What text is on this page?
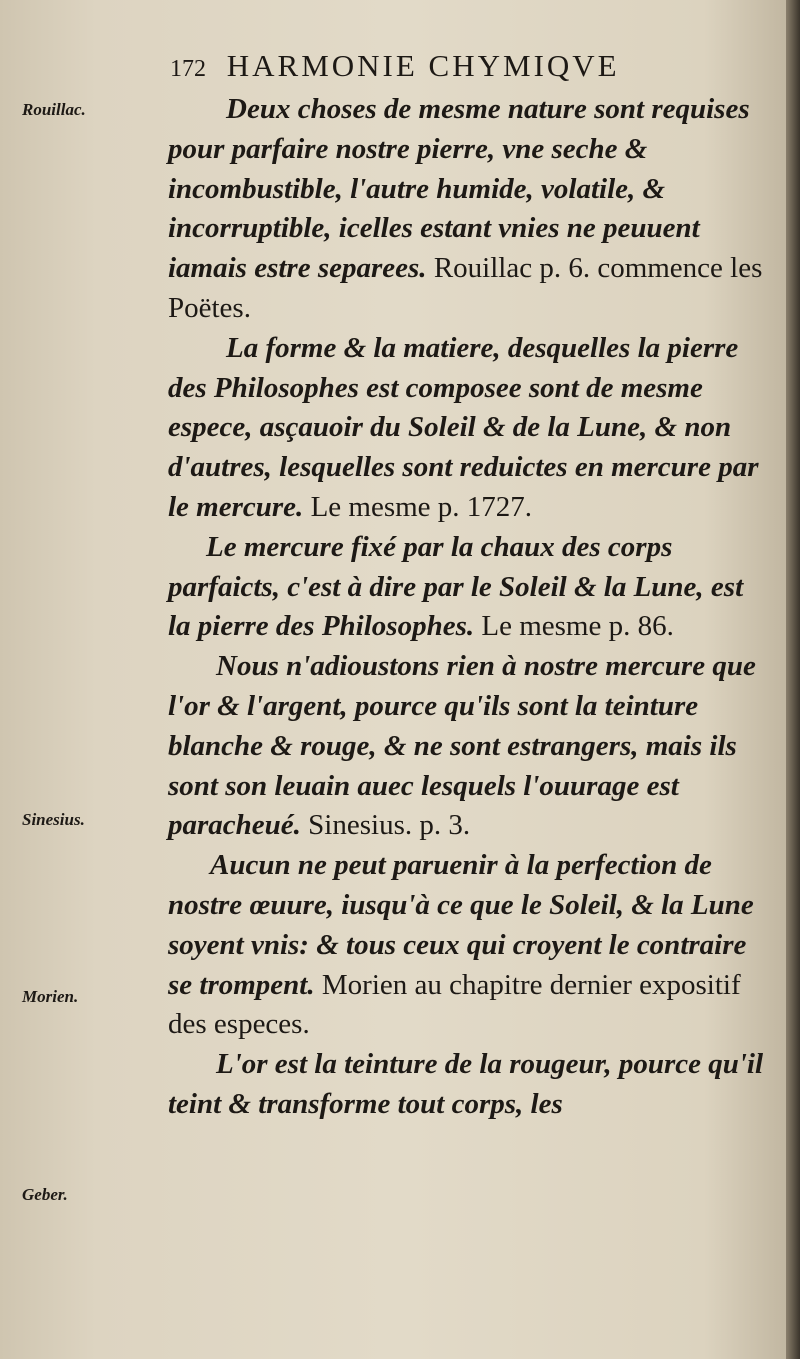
172 HARMONIE CHYMIQVE
Rouillac.
Sinesius.
Morien.
Geber.

Deux choses de mesme nature sont requises pour parfaire nostre pierre, vne seche & incombustible, l'autre humide, volatile, & incorruptible, icelles estant vnies ne peuuent iamais estre separees. Rouillac p. 6. commence les Poëtes.

La forme & la matiere, desquelles la pierre des Philosophes est composee sont de mesme espece, asçauoir du Soleil & de la Lune, & non d'autres, lesquelles sont reduictes en mercure par le mercure. Le mesme p. 1727.

Le mercure fixé par la chaux des corps parfaicts, c'est à dire par le Soleil & la Lune, est la pierre des Philosophes. Le mesme p. 86.

Nous n'adioustons rien à nostre mercure que l'or & l'argent, pource qu'ils sont la teinture blanche & rouge, & ne sont estrangers, mais ils sont son leuain auec lesquels l'ouurage est paracheué. Sinesius. p. 3.

Aucun ne peut paruenir à la perfection de nostre œuure, iusqu'à ce que le Soleil, & la Lune soyent vnis: & tous ceux qui croyent le contraire se trompent. Morien au chapitre dernier expositif des especes.

L'or est la teinture de la rougeur, pource qu'il teint & transforme tout corps, les
